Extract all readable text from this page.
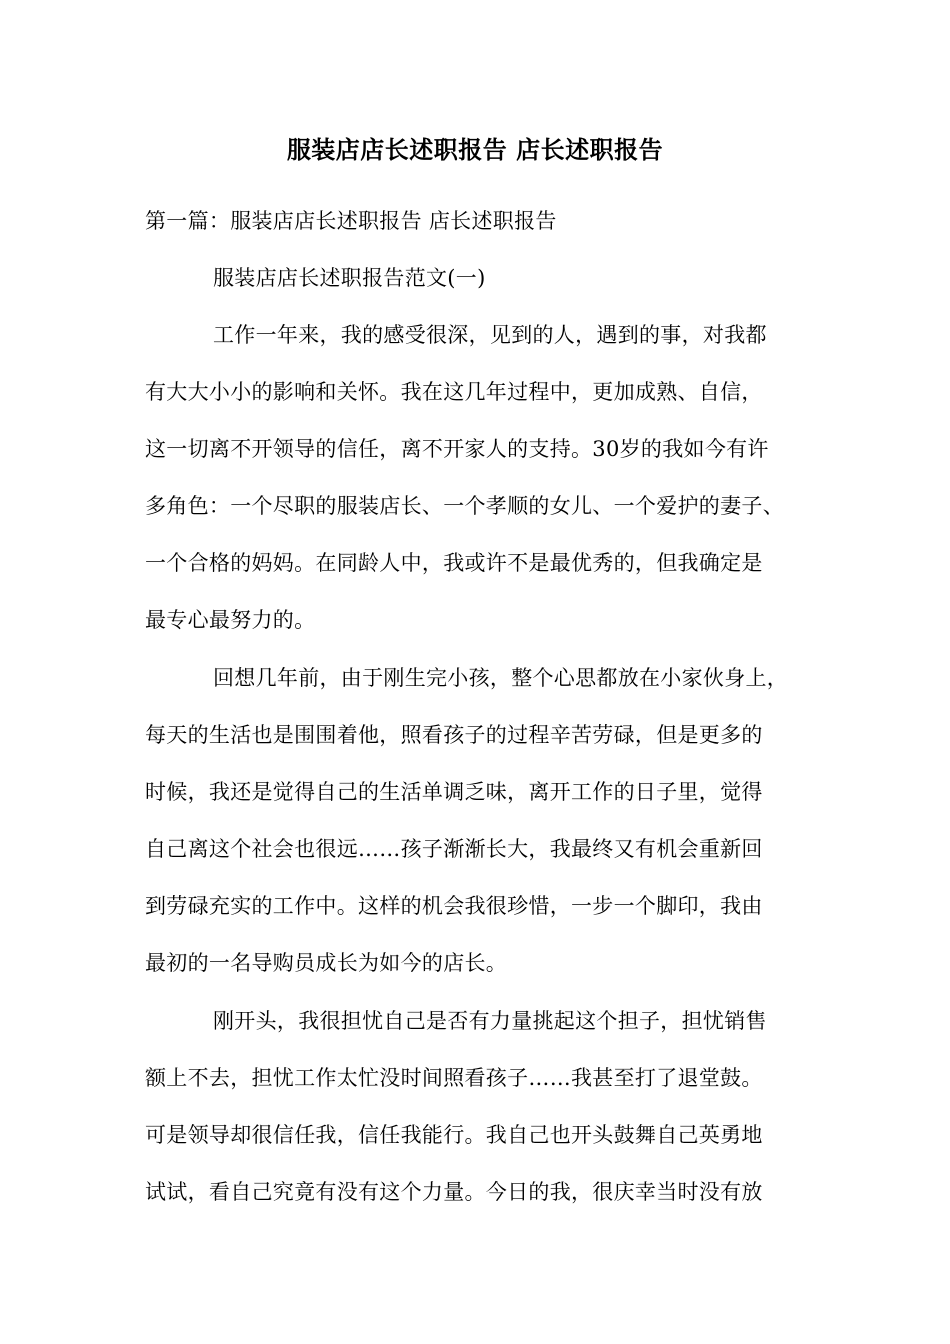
服装店店长述职报告 店长述职报告
第一篇：服装店店长述职报告 店长述职报告
服装店店长述职报告范文(一)
工作一年来，我的感受很深，见到的人，遇到的事，对我都
有大大小小的影响和关怀。我在这几年过程中，更加成熟、自信，
这一切离不开领导的信任，离不开家人的支持。30岁的我如今有许
多角色：一个尽职的服装店长、一个孝顺的女儿、一个爱护的妻子、
一个合格的妈妈。在同龄人中，我或许不是最优秀的，但我确定是
最专心最努力的。
回想几年前，由于刚生完小孩，整个心思都放在小家伙身上，
每天的生活也是围围着他，照看孩子的过程辛苦劳碌，但是更多的
时候，我还是觉得自己的生活单调乏味，离开工作的日子里，觉得
自己离这个社会也很远……孩子渐渐长大，我最终又有机会重新回
到劳碌充实的工作中。这样的机会我很珍惜，一步一个脚印，我由
最初的一名导购员成长为如今的店长。
刚开头，我很担忧自己是否有力量挑起这个担子，担忧销售
额上不去，担忧工作太忙没时间照看孩子……我甚至打了退堂鼓。
可是领导却很信任我，信任我能行。我自己也开头鼓舞自己英勇地
试试，看自己究竟有没有这个力量。今日的我，很庆幸当时没有放
